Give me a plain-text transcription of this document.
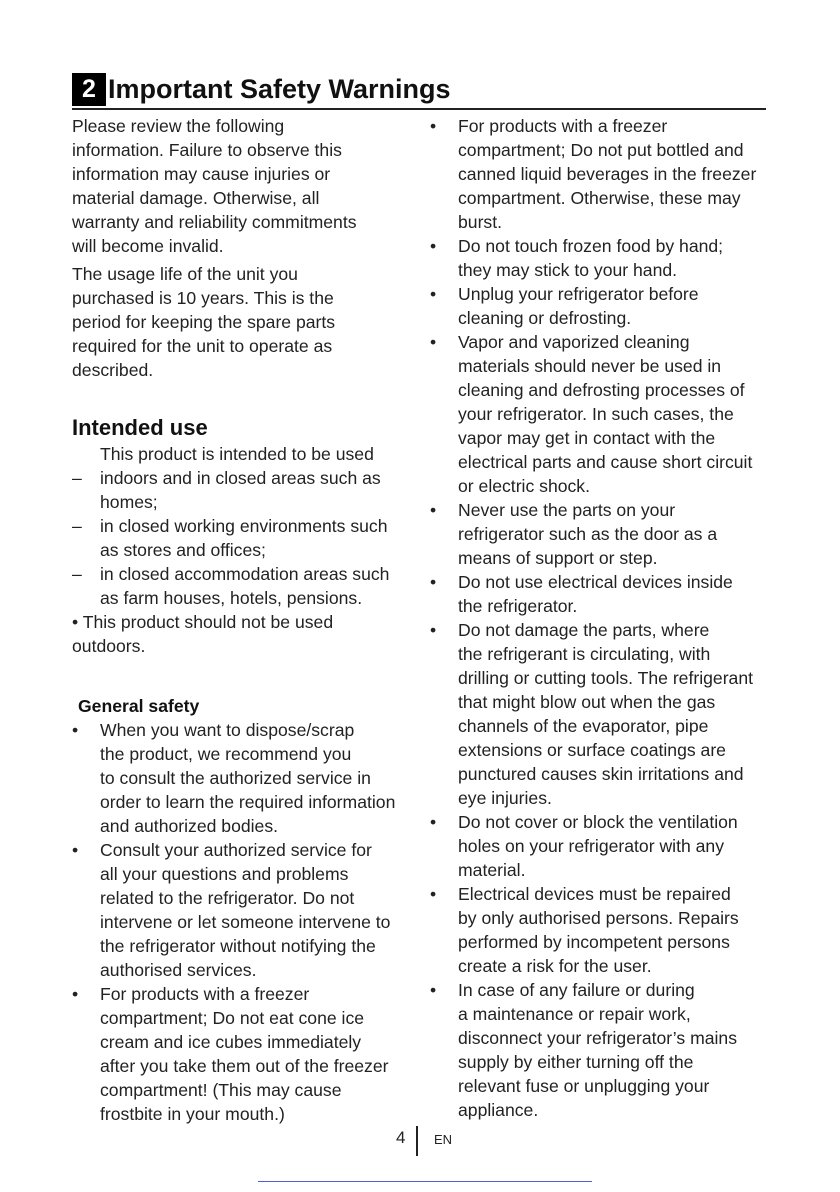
2 Important Safety Warnings

Please review the following
information. Failure to observe this
information may cause injuries or
material damage. Otherwise, all
warranty and reliability commitments
will become invalid.

The usage life of the unit you
purchased is 10 years. This is the
period for keeping the spare parts
required for the unit to operate as
described.

Intended use

This product is intended to be used

–	indoors and in closed areas such as
homes;
–	in closed working environments such
as stores and offices;
–	in closed accommodation areas such
as farm houses, hotels, pensions.

• This product should not be used
outdoors.

General safety
•	When you want to dispose/scrap
the product, we recommend you
to consult the authorized service in
order to learn the required information
and authorized bodies.
•	Consult your authorized service for
all your questions and problems
related to the refrigerator. Do not
intervene or let someone intervene to
the refrigerator without notifying the
authorised services.
•	For products with a freezer
compartment; Do not eat cone ice
cream and ice cubes immediately
after you take them out of the freezer
compartment! (This may cause
frostbite in your mouth.)
•	For products with a freezer
compartment; Do not put bottled and
canned liquid beverages in the freezer
compartment. Otherwise, these may
burst.
•	Do not touch frozen food by hand;
they may stick to your hand.
•	Unplug your refrigerator before
cleaning or defrosting.
•	Vapor and vaporized cleaning
materials should never be used in
cleaning and defrosting processes of
your refrigerator. In such cases, the
vapor may get in contact with the
electrical parts and cause short circuit
or electric shock.
•	Never use the parts on your
refrigerator such as the door as a
means of support or step.
•	Do not use electrical devices inside
the refrigerator.
•	Do not damage the parts, where
the refrigerant is circulating, with
drilling or cutting tools. The refrigerant
that might blow out when the gas
channels of the evaporator, pipe
extensions or surface coatings are
punctured causes skin irritations and
eye injuries.
•	Do not cover or block the ventilation
holes on your refrigerator with any
material.
•	Electrical devices must be repaired
by only authorised persons. Repairs
performed by incompetent persons
create a risk for the user.
•	In case of any failure or during
a maintenance or repair work,
disconnect your refrigerator’s mains
supply by either turning off the
relevant fuse or unplugging your
appliance.
4 EN
